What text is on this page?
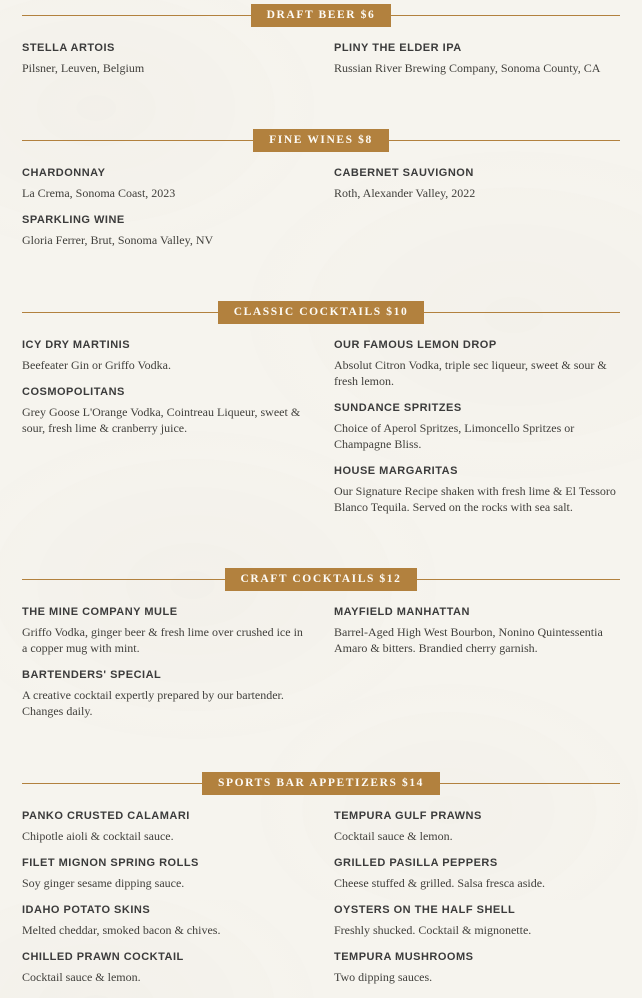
DRAFT BEER $6
STELLA ARTOIS
Pilsner, Leuven, Belgium
PLINY THE ELDER IPA
Russian River Brewing Company, Sonoma County, CA
FINE WINES $8
CHARDONNAY
La Crema, Sonoma Coast, 2023
SPARKLING WINE
Gloria Ferrer, Brut, Sonoma Valley, NV
CABERNET SAUVIGNON
Roth, Alexander Valley, 2022
CLASSIC COCKTAILS $10
ICY DRY MARTINIS
Beefeater Gin or Griffo Vodka.
COSMOPOLITANS
Grey Goose L'Orange Vodka, Cointreau Liqueur, sweet & sour, fresh lime & cranberry juice.
OUR FAMOUS LEMON DROP
Absolut Citron Vodka, triple sec liqueur, sweet & sour & fresh lemon.
SUNDANCE SPRITZES
Choice of Aperol Spritzes, Limoncello Spritzes or Champagne Bliss.
HOUSE MARGARITAS
Our Signature Recipe shaken with fresh lime & El Tessoro Blanco Tequila. Served on the rocks with sea salt.
CRAFT COCKTAILS $12
THE MINE COMPANY MULE
Griffo Vodka, ginger beer & fresh lime over crushed ice in a copper mug with mint.
BARTENDERS' SPECIAL
A creative cocktail expertly prepared by our bartender. Changes daily.
MAYFIELD MANHATTAN
Barrel-Aged High West Bourbon, Nonino Quintessentia Amaro & bitters. Brandied cherry garnish.
SPORTS BAR APPETIZERS $14
PANKO CRUSTED CALAMARI
Chipotle aioli & cocktail sauce.
FILET MIGNON SPRING ROLLS
Soy ginger sesame dipping sauce.
IDAHO POTATO SKINS
Melted cheddar, smoked bacon & chives.
CHILLED PRAWN COCKTAIL
Cocktail sauce & lemon.
TEMPURA GULF PRAWNS
Cocktail sauce & lemon.
GRILLED PASILLA PEPPERS
Cheese stuffed & grilled. Salsa fresca aside.
OYSTERS ON THE HALF SHELL
Freshly shucked. Cocktail & mignonette.
TEMPURA MUSHROOMS
Two dipping sauces.
